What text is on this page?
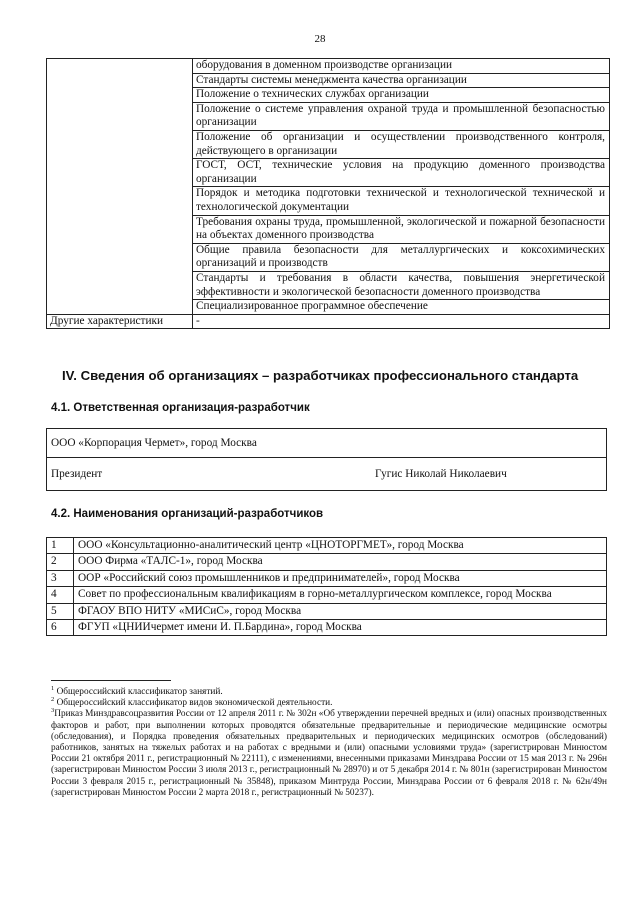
28
	оборудования в доменном производстве организации
	Стандарты системы менеджмента качества организации
	Положение о технических службах организации
	Положение о системе управления охраной труда и промышленной безопасностью организации
	Положение об организации и осуществлении производственного контроля, действующего в организации
	ГОСТ, ОСТ, технические условия на продукцию доменного производства организации
	Порядок и методика подготовки технической и технологической технической и технологической документации
	Требования охраны труда, промышленной, экологической и пожарной безопасности на объектах доменного производства
	Общие правила безопасности для металлургических и коксохимических организаций и производств
	Стандарты и требования в области качества, повышения энергетической эффективности и экологической безопасности доменного производства
	Специализированное программное обеспечение
Другие характеристики	-
IV. Сведения об организациях – разработчиках профессионального стандарта
4.1. Ответственная организация-разработчик
ООО «Корпорация Чермет», город Москва
Президент	Гугис Николай Николаевич
4.2. Наименования организаций-разработчиков
1	ООО «Консультационно-аналитический центр «ЦНОТОРГМЕТ», город Москва
2	ООО Фирма «ТАЛС-1», город Москва
3	ООР «Российский союз промышленников и предпринимателей», город Москва
4	Совет по профессиональным квалификациям в горно-металлургическом комплексе, город Москва
5	ФГАОУ ВПО НИТУ «МИСиС», город Москва
6	ФГУП «ЦНИИчермет имени И. П.Бардина», город Москва

$^1$ Общероссийский классификатор занятий.

$^2$ Общероссийский классификатор видов экономической деятельности.

$^3$Приказ Минздравсоцразвития России от 12 апреля 2011 г. № 302н «Об утверждении перечней вредных и (или) опасных производственных факторов и работ, при выполнении которых проводятся обязательные предварительные и периодические медицинские осмотры (обследования), и Порядка проведения обязательных предварительных и периодических медицинских осмотров (обследований) работников, занятых на тяжелых работах и на работах с вредными и (или) опасными условиями труда» (зарегистрирован Минюстом России 21 октября 2011 г., регистрационный № 22111), с изменениями, внесенными приказами Минздрава России от 15 мая 2013 г. № 296н (зарегистрирован Минюстом России 3 июля 2013 г., регистрационный № 28970) и от 5 декабря 2014 г. № 801н (зарегистрирован Минюстом России 3 февраля 2015 г., регистрационный № 35848), приказом Минтруда России, Минздрава России от 6 февраля 2018 г. № 62н/49н (зарегистрирован Минюстом России 2 марта 2018 г., регистрационный № 50237).
